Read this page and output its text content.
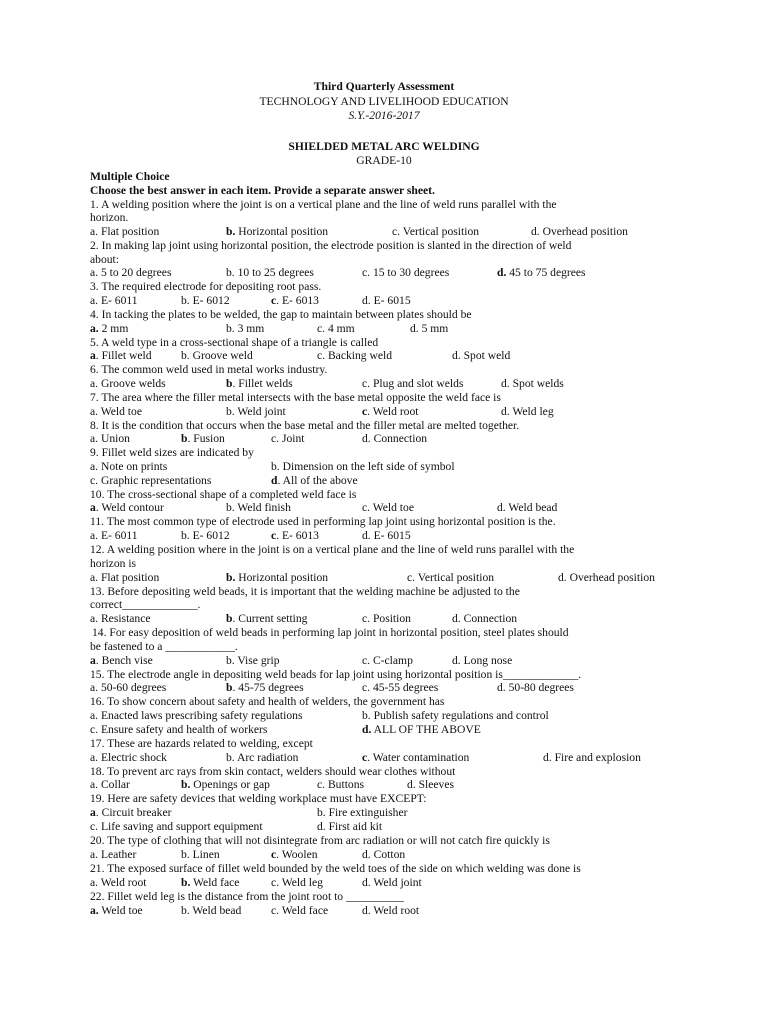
Third Quarterly Assessment
TECHNOLOGY AND LIVELIHOOD EDUCATION
S.Y.-2016-2017
SHIELDED METAL ARC WELDING
GRADE-10
Multiple Choice
Choose the best answer in each item. Provide a separate answer sheet.
1. A welding position where the joint is on a vertical plane and the line of weld runs parallel with the
horizon.
a. Flat position	b. Horizontal position	c. Vertical position	d. Overhead position
2. In making lap joint using horizontal position, the electrode position is slanted in the direction of weld
about:
a. 5 to 20 degrees	b. 10 to 25 degrees	c. 15 to 30 degrees	d. 45 to 75 degrees
3. The required electrode for depositing root pass.
a. E- 6011	b. E- 6012	c. E- 6013	d. E- 6015
4. In tacking the plates to be welded, the gap to maintain between plates should be
a. 2 mm	b. 3 mm	c. 4 mm	d. 5 mm
5. A weld type in a cross-sectional shape of a triangle is called
a. Fillet weld	b. Groove weld	c. Backing weld	d. Spot weld
6. The common weld used in metal works industry.
a. Groove welds	b. Fillet welds	c. Plug and slot welds	d. Spot welds
7. The area where the filler metal intersects with the base metal opposite the weld face is
a. Weld toe	b. Weld joint	c. Weld root	d. Weld leg
8. It is the condition that occurs when the base metal and the filler metal are melted together.
a. Union	b. Fusion	c. Joint	d. Connection
9. Fillet weld sizes are indicated by
a. Note on prints	b. Dimension on the left side of symbol
c. Graphic representations	d. All of the above
10. The cross-sectional shape of a completed weld face is
a. Weld contour	b. Weld finish	c. Weld toe	d. Weld bead
11. The most common type of electrode used in performing lap joint using horizontal position is the.
a. E- 6011	b. E- 6012	c. E- 6013	d. E- 6015
12. A welding position where in the joint is on a vertical plane and the line of weld runs parallel with the
horizon is
a. Flat position	b. Horizontal position	c. Vertical position	d. Overhead position
13. Before depositing weld beads, it is important that the welding machine be adjusted to the
correct_____________.
a. Resistance	b. Current setting	c. Position	d. Connection
14. For easy deposition of weld beads in performing lap joint in horizontal position, steel plates should
be fastened to a ____________.
a. Bench vise	b. Vise grip	c. C-clamp	d. Long nose
15. The electrode angle in depositing weld beads for lap joint using horizontal position is_____________.
a. 50-60 degrees	b. 45-75 degrees	c. 45-55 degrees	d. 50-80 degrees
16. To show concern about safety and health of welders, the government has
a. Enacted laws prescribing safety regulations	b. Publish safety regulations and control
c. Ensure safety and health of workers	d. ALL OF THE ABOVE
17. These are hazards related to welding, except
a. Electric shock	b. Arc radiation	c. Water contamination	d. Fire and explosion
18. To prevent arc rays from skin contact, welders should wear clothes without
a. Collar	b. Openings or gap	c. Buttons	d. Sleeves
19. Here are safety devices that welding workplace must have EXCEPT:
a. Circuit breaker	b. Fire extinguisher
c. Life saving and support equipment	d. First aid kit
20. The type of clothing that will not disintegrate from arc radiation or will not catch fire quickly is
a. Leather	b. Linen	c. Woolen	d. Cotton
21. The exposed surface of fillet weld bounded by the weld toes of the side on which welding was done is
a. Weld root	b. Weld face	c. Weld leg	d. Weld joint
22. Fillet weld leg is the distance from the joint root to __________
a. Weld toe	b. Weld bead	c. Weld face	d. Weld root
